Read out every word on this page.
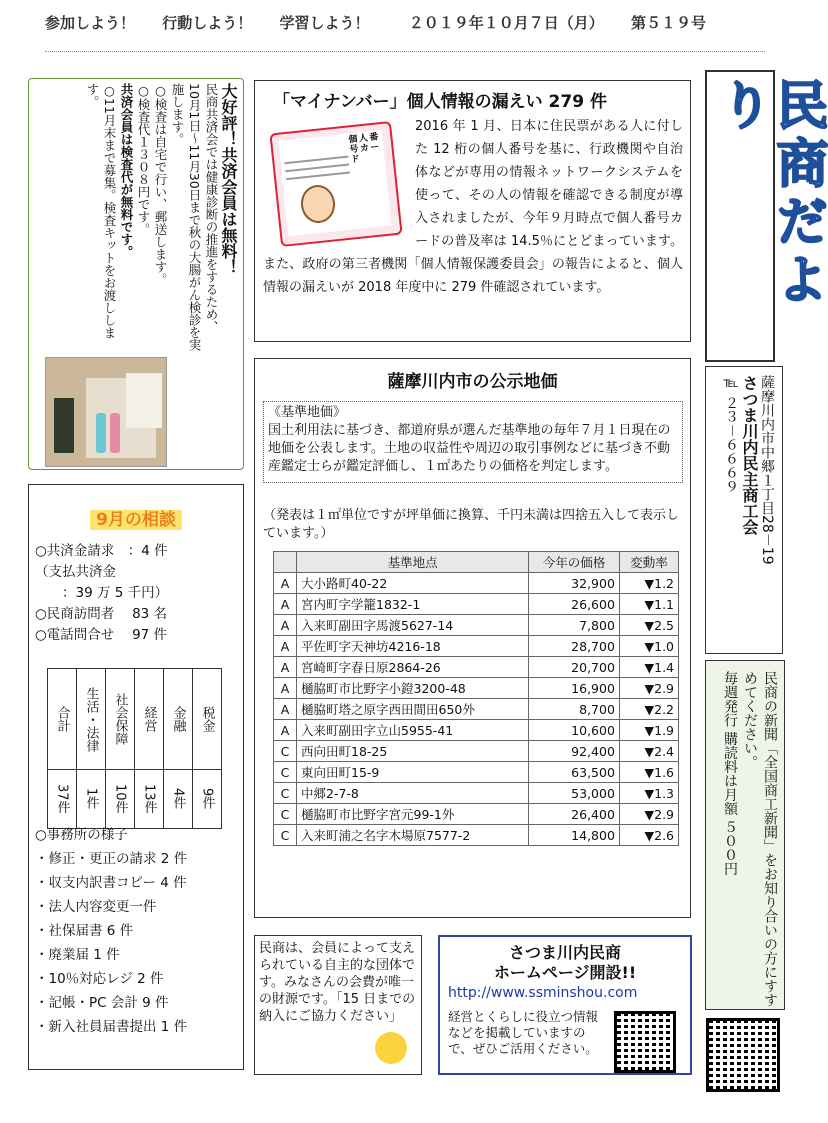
参加しよう！ 行動しよう！ 学習しよう！	２０１９年１０月７日（月） 第５１９号
大好評！共済会員は無料！
民商共済会では健康診断の推進をするため、
10月1日～11月30日まで秋の大腸がん検診を実施します。
○検査は自宅で行い、郵送します。
○検査代１３０８円です。
共済会員は検査代が無料です。
○11月末まで募集。検査キットをお渡しします。	「マイナンバー」個人情報の漏えい 279 件
個人番号カード
2016 年 1 月、日本に住民票がある人に付した 12 桁の個人番号を基に、行政機関や自治体などが専用の情報ネットワークシステムを使って、その人の情報を確認できる制度が導入されましたが、今年９月時点で個人番号カードの普及率は 14.5％にとどまっています。また、政府の第三者機関「個人情報保護委員会」の報告によると、個人情報の漏えいが 2018 年度中に 279 件確認されています。	民商だより
薩摩川内市中郷１丁目28－19
さつま川内民主商工会
℡ ２３－６６６９
民商の新聞「全国商工新聞」をお知り合いの方にすすめてください。
毎週発行 購読料は月額 ５００円
薩摩川内市の公示地価
《基準地価》
国土利用法に基づき、都道府県が選んだ基準地の毎年７月１日現在の地価を公表します。土地の収益性や周辺の取引事例などに基づき不動産鑑定士らが鑑定評価し、１㎡あたりの価格を判定します。
（発表は１㎡単位ですが坪単価に換算、千円未満は四捨五入して表示しています。）
	基準地点	今年の価格	変動率
A	大小路町40-22	32,900	▼1.2
A	宮内町字学籠1832-1	26,600	▼1.1
A	入来町副田字馬渡5627-14	7,800	▼2.5
A	平佐町字天神坊4216-18	28,700	▼1.0
A	宮崎町字春日原2864-26	20,700	▼1.4
A	樋脇町市比野字小鐙3200-48	16,900	▼2.9
A	樋脇町塔之原字西田間田650外	8,700	▼2.2
A	入来町副田字立山5955-41	10,600	▼1.9
C	西向田町18-25	92,400	▼2.4
C	東向田町15-9	63,500	▼1.6
C	中郷2-7-8	53,000	▼1.3
C	樋脇町市比野字宮元99-1外	26,400	▼2.9
C	入来町浦之名字木場原7577-2	14,800	▼2.6
9月の相談
○共済金請求　：4 件
（支払共済金
　　：39 万 5 千円）
○民商訪問者　 83 名
○電話問合せ　 97 件
合計	生活・法律	社会保障	経営	金融	税金
37件	1件	10件	13件	4件	9件
○事務所の様子
・修正・更正の請求 2 件
・収支内訳書コピー 4 件
・法人内容変更一件
・社保届書 6 件
・廃業届 1 件
・10％対応レジ 2 件
・記帳・PC 会計 9 件
・新入社員届書提出 1 件
民商は、会員によって支えられている自主的な団体です。みなさんの会費が唯一の財源です。「15 日までの納入にご協力ください」
さつま川内民商
ホームページ開設!!
http://www.ssminshou.com
経営とくらしに役立つ情報などを掲載していますので、ぜひご活用ください。
